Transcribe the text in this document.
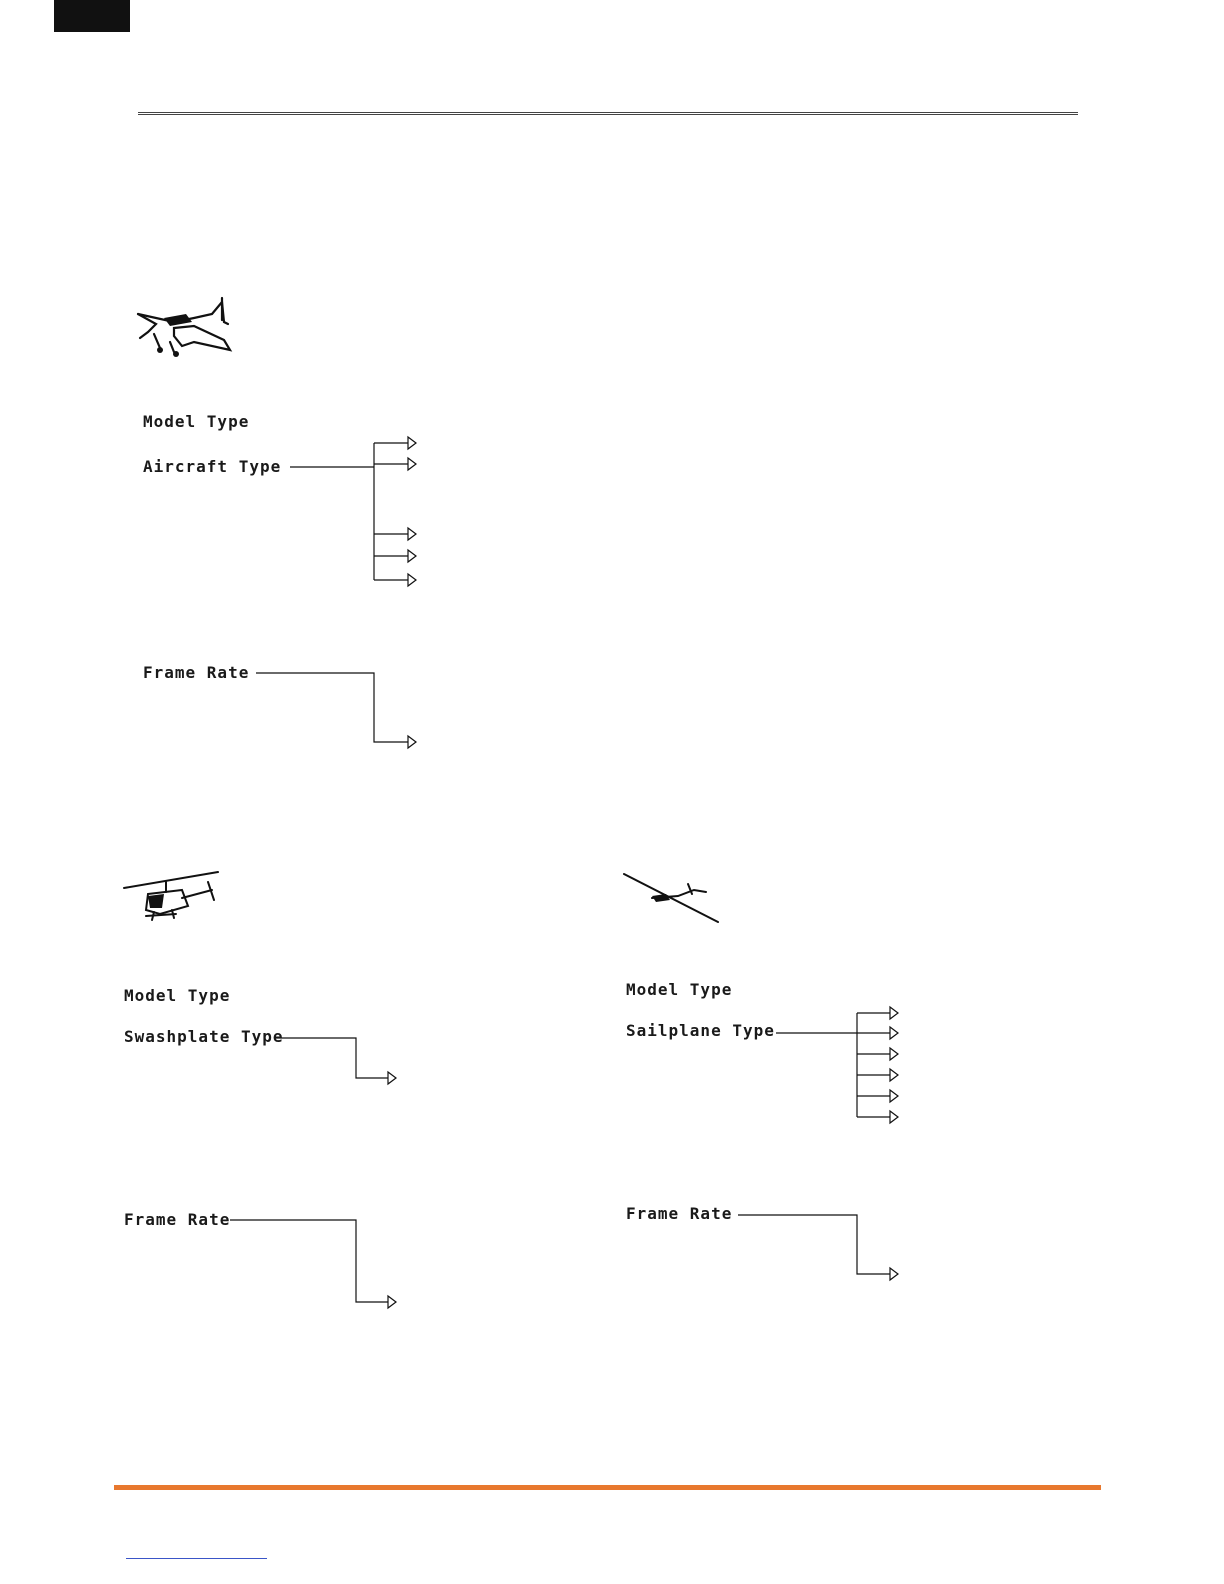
Model Type
Aircraft Type
Frame Rate
Model Type
Swashplate Type
Frame Rate
Model Type
Sailplane Type
Frame Rate
